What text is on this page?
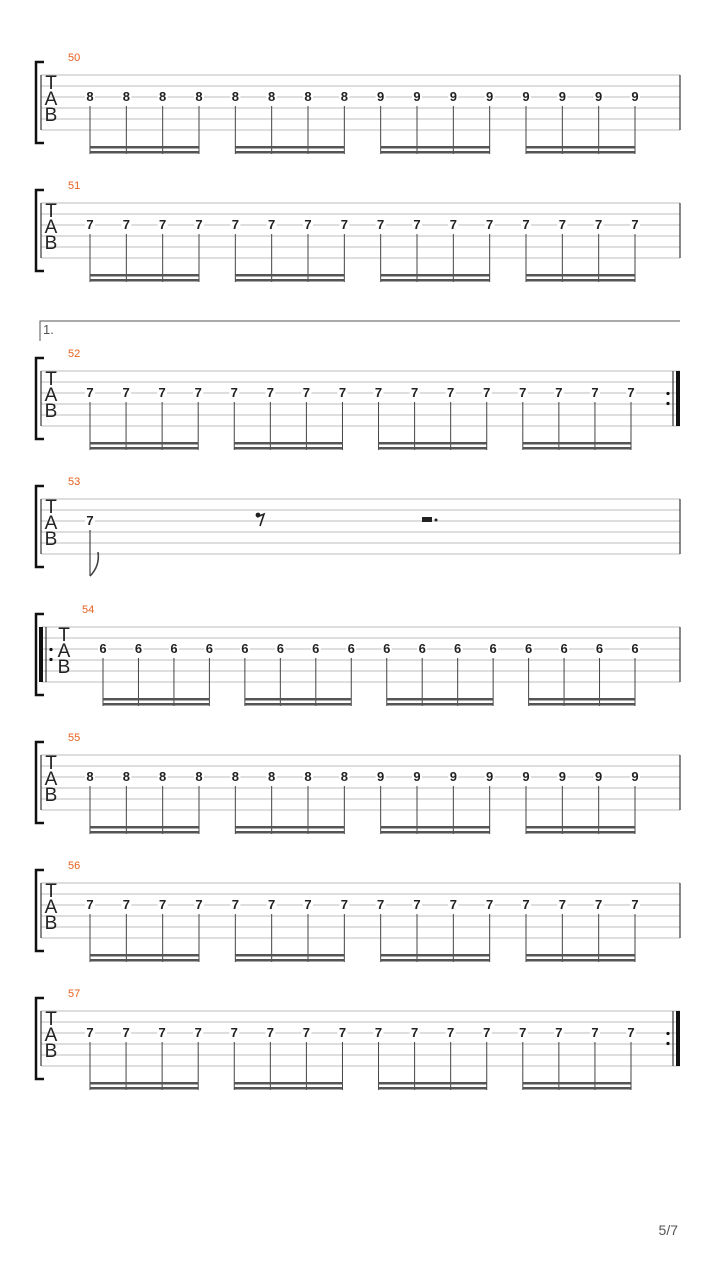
50
T
A
B
8 8 8 8 8 8 8 8 9 9 9 9 9 9 9 9
51
T
A
B
7 7 7 7 7 7 7 7 7 7 7 7 7 7 7 7
52
T
A
B
1.
7 7 7 7 7 7 7 7 7 7 7 7 7 7 7 7
53
T
A
B
7
54
T
A
B
6 6 6 6 6 6 6 6 6 6 6 6 6 6 6 6
55
T
A
B
8 8 8 8 8 8 8 8 9 9 9 9 9 9 9 9
56
T
A
B
7 7 7 7 7 7 7 7 7 7 7 7 7 7 7 7
57
T
A
B
7 7 7 7 7 7 7 7 7 7 7 7 7 7 7 7
5/7
